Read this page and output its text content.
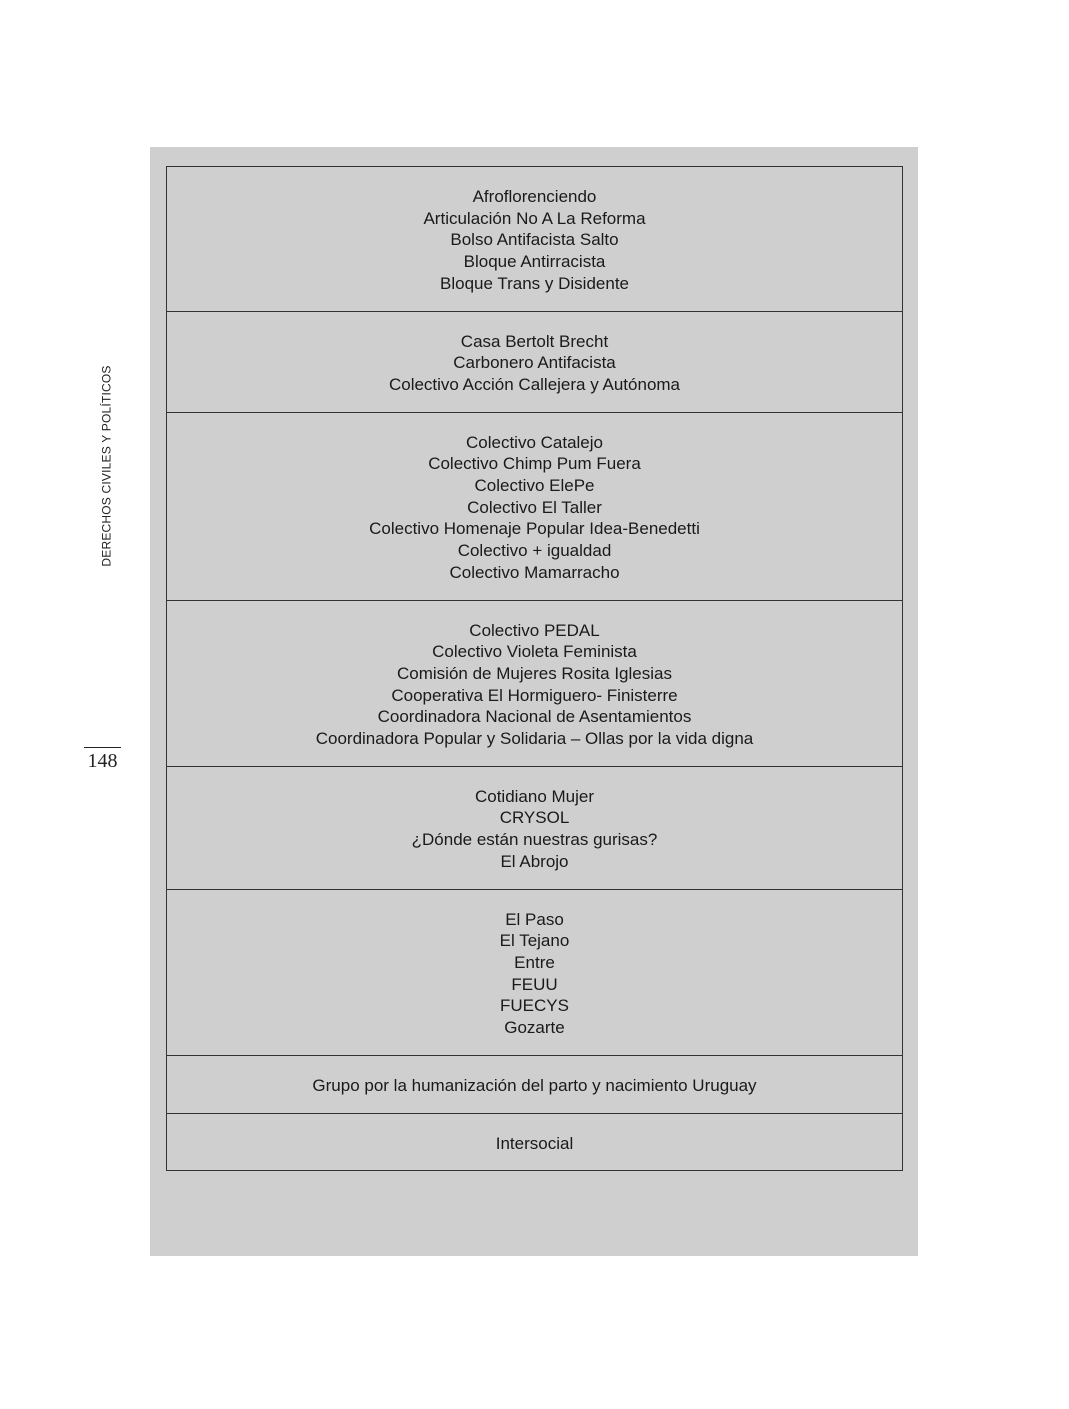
DERECHOS CIVILES Y POLÍTICOS
148
Afroflorenciendo
Articulación No A La Reforma
Bolso Antifacista Salto
Bloque Antirracista
Bloque Trans y Disidente
Casa Bertolt Brecht
Carbonero Antifacista
Colectivo Acción Callejera y Autónoma
Colectivo Catalejo
Colectivo Chimp Pum Fuera
Colectivo ElePe
Colectivo El Taller
Colectivo Homenaje Popular Idea-Benedetti
Colectivo + igualdad
Colectivo Mamarracho
Colectivo PEDAL
Colectivo Violeta Feminista
Comisión de Mujeres Rosita Iglesias
Cooperativa El Hormiguero- Finisterre
Coordinadora Nacional de Asentamientos
Coordinadora Popular y Solidaria – Ollas por la vida digna
Cotidiano Mujer
CRYSOL
¿Dónde están nuestras gurisas?
El Abrojo
El Paso
El Tejano
Entre
FEUU
FUECYS
Gozarte
Grupo por la humanización del parto y nacimiento Uruguay
Intersocial
